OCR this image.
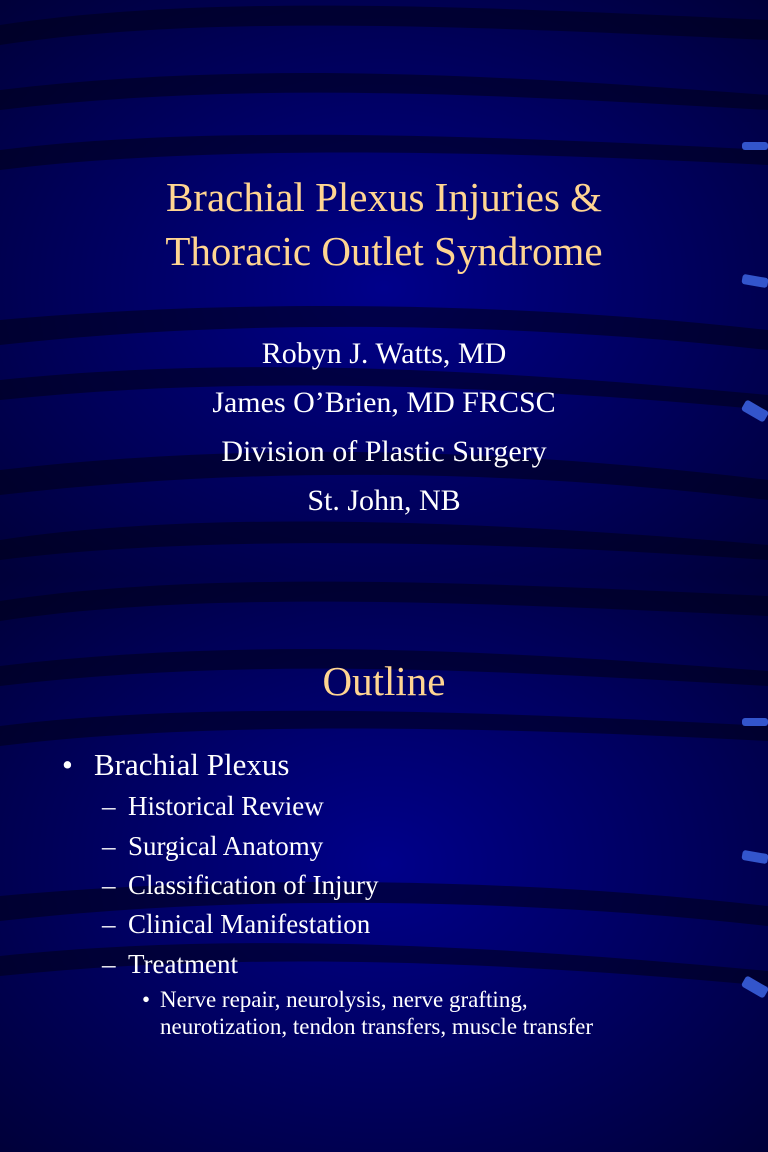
Brachial Plexus Injuries &
Thoracic Outlet Syndrome
Robyn J. Watts, MD
James O’Brien, MD FRCSC
Division of Plastic Surgery
St. John, NB
Outline
• Brachial Plexus
– Historical Review
– Surgical Anatomy
– Classification of Injury
– Clinical Manifestation
– Treatment
• Nerve repair, neurolysis, nerve grafting,
neurotization, tendon transfers, muscle transfer
